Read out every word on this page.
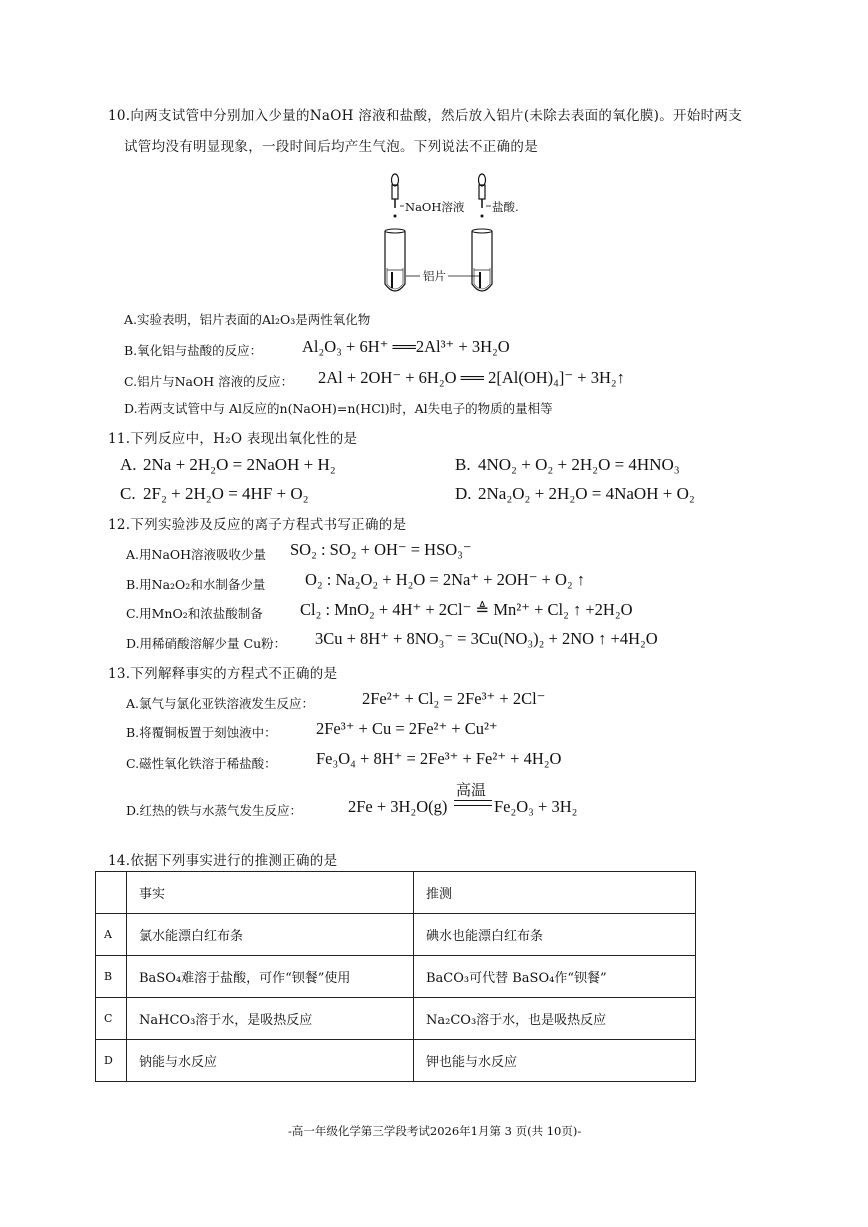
10.向两支试管中分别加入少量的NaOH 溶液和盐酸，然后放入铝片(未除去表面的氧化膜)。开始时两支
试管均没有明显现象，一段时间后均产生气泡。下列说法不正确的是
NaOH溶液 盐酸.
铝片
A.实验表明，铝片表面的Al₂O₃是两性氧化物
B.氧化铝与盐酸的反应： Al₂O₃ + 6H⁺ ══2Al³⁺ + 3H₂O
C.铝片与NaOH 溶液的反应： 2Al + 2OH⁻ + 6H₂O ══ 2[Al(OH)₄]⁻ + 3H₂↑
D.若两支试管中与 Al反应的n(NaOH)=n(HCl)时，Al失电子的物质的量相等
11.下列反应中，H₂O 表现出氧化性的是
A. 2Na + 2H₂O = 2NaOH + H₂	B. 4NO₂ + O₂ + 2H₂O = 4HNO₃
C. 2F₂ + 2H₂O = 4HF + O₂	D. 2Na₂O₂ + 2H₂O = 4NaOH + O₂
12.下列实验涉及反应的离子方程式书写正确的是
A.用NaOH溶液吸收少量 SO₂ : SO₂ + OH⁻ = HSO₃⁻
B.用Na₂O₂和水制备少量 O₂ : Na₂O₂ + H₂O = 2Na⁺ + 2OH⁻ + O₂ ↑
C.用MnO₂和浓盐酸制备 Cl₂ : MnO₂ + 4H⁺ + 2Cl⁻ ≜ Mn²⁺ + Cl₂ ↑ +2H₂O
D.用稀硝酸溶解少量 Cu粉： 3Cu + 8H⁺ + 8NO₃⁻ = 3Cu(NO₃)₂ + 2NO ↑ +4H₂O
13.下列解释事实的方程式不正确的是
A.氯气与氯化亚铁溶液发生反应：	2Fe²⁺ + Cl₂ = 2Fe³⁺ + 2Cl⁻
B.将覆铜板置于刻蚀液中： 2Fe³⁺ + Cu = 2Fe²⁺ + Cu²⁺
C.磁性氧化铁溶于稀盐酸： Fe₃O₄ + 8H⁺ = 2Fe³⁺ + Fe²⁺ + 4H₂O
D.红热的铁与水蒸气发生反应：	2Fe + 3H₂O(g)
高温
Fe₂O₃ + 3H₂
14.依据下列事实进行的推测正确的是
	事实	推测
A	氯水能漂白红布条	碘水也能漂白红布条
B	BaSO₄难溶于盐酸，可作“钡餐”使用	BaCO₃可代替 BaSO₄作“钡餐”
C	NaHCO₃溶于水，是吸热反应	Na₂CO₃溶于水，也是吸热反应
D	钠能与水反应	钾也能与水反应
-高一年级化学第三学段考试2026年1月第 3 页(共 10页)-
